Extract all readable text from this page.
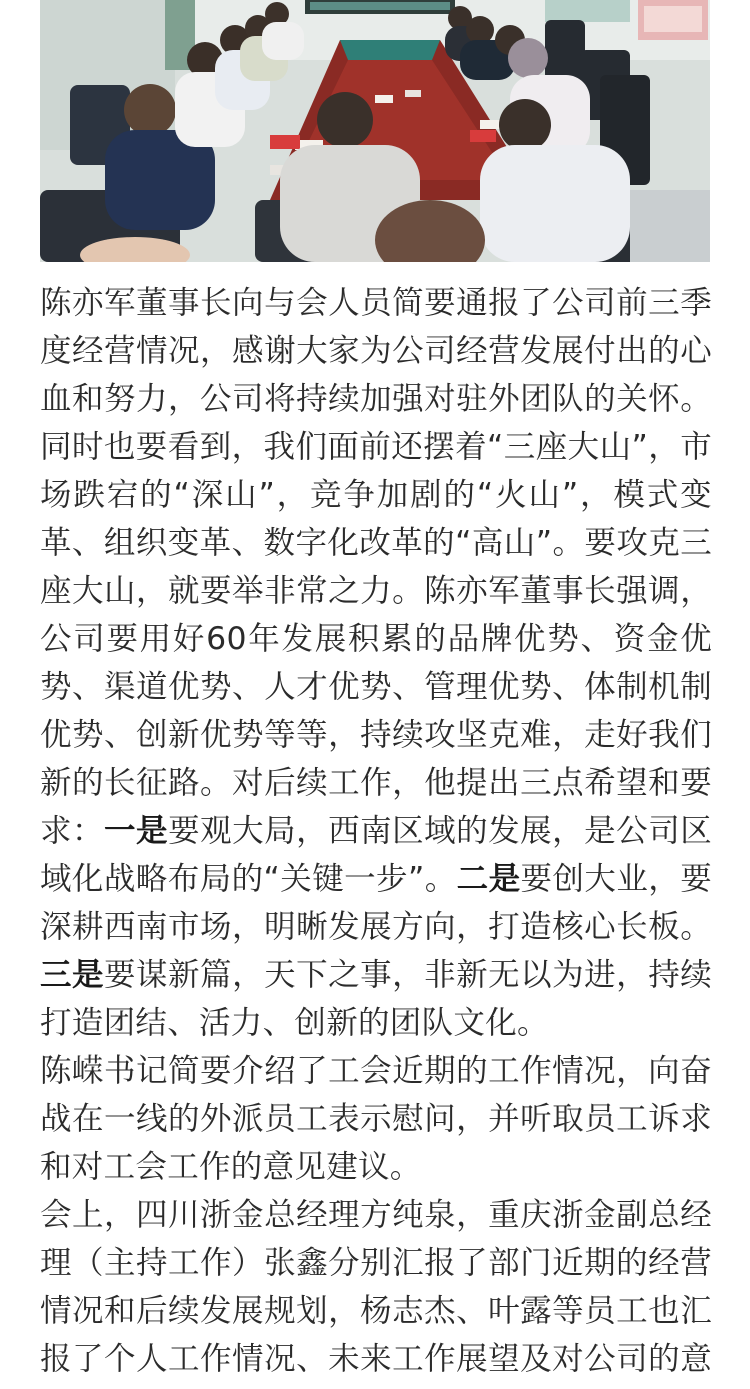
陈亦军董事长向与会人员简要通报了公司前三季
度经营情况，感谢大家为公司经营发展付出的心
血和努力，公司将持续加强对驻外团队的关怀。
同时也要看到，我们面前还摆着“三座大山”，市
场跌宕的“深山”，竞争加剧的“火山”，模式变
革、组织变革、数字化改革的“高山”。要攻克三
座大山，就要举非常之力。陈亦军董事长强调，
公司要用好60年发展积累的品牌优势、资金优
势、渠道优势、人才优势、管理优势、体制机制
优势、创新优势等等，持续攻坚克难，走好我们
新的长征路。对后续工作，他提出三点希望和要
求：一是要观大局，西南区域的发展，是公司区
域化战略布局的“关键一步”。二是要创大业，要
深耕西南市场，明晰发展方向，打造核心长板。
三是要谋新篇，天下之事，非新无以为进，持续
打造团结、活力、创新的团队文化。
陈嵘书记简要介绍了工会近期的工作情况，向奋
战在一线的外派员工表示慰问，并听取员工诉求
和对工会工作的意见建议。
会上，四川浙金总经理方纯泉，重庆浙金副总经
理（主持工作）张鑫分别汇报了部门近期的经营
情况和后续发展规划，杨志杰、叶露等员工也汇
报了个人工作情况、未来工作展望及对公司的意
